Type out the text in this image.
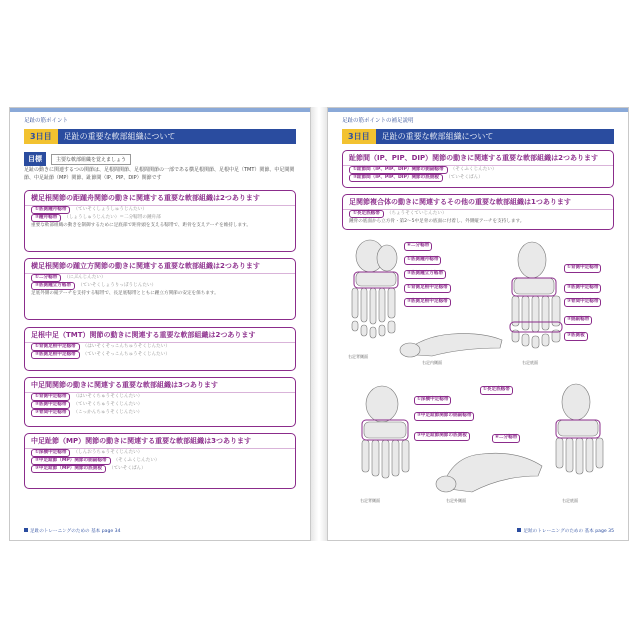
足趾の筋ポイント
3日目	足趾の重要な軟部組織について
目標	主要な軟部組織を覚えましょう
足趾の動きに関連するつの関節は、足根間関節、足根間関節の一部である横足根関節、足根中足（TMT）関節、中足間関節、中足趾節（MP）関節、趾節間（IP、PIP、DIP）関節です
横足根関節の距踵舟関節の動きに関連する重要な軟部組織は2つあります
①底側踵舟靱帯 （ていそくしょうしゅうじんたい）
②踵舟靱帯 （しょうしゅうじんたい）＝二分靱帯の踵舟部
重要な軟部組織の動きを制御するために足底部で距骨頭を支える靱帯で、距骨を支えアーチを維持します。
横足根関節の踵立方関節の動きに関連する重要な軟部組織は2つあります
①二分靱帯 （にぶんじんたい）
②底側踵立方靱帯 （ていそくしょうりっぽうじんたい）
足底外側の縦アーチを支持する靱帯で、長足底靱帯とともに踵立方関節の安定を保ちます。
足根中足（TMT）関節の動きに関連する重要な軟部組織は2つあります
①背側足根中足靱帯 （はいそくそっこんちゅうそくじんたい）
②底側足根中足靱帯 （ていそくそっこんちゅうそくじんたい）
中足間関節の動きに関連する重要な軟部組織は3つあります
①背側中足靱帯 （はいそくちゅうそくじんたい）
②底側中足靱帯 （ていそくちゅうそくじんたい）
③骨間中足靱帯 （こっかんちゅうそくじんたい）
中足趾節（MP）関節の動きに関連する重要な軟部組織は3つあります
①深横中足靱帯 （しんおうちゅうそくじんたい）
②中足趾節（MP）関節の側副靱帯 （そくふくじんたい）
③中足趾節（MP）関節の底側板 （ていそくばん）
足趾のトレーニングのための 基本 page 34
足趾の筋ポイントの補足説明
3日目	足趾の重要な軟部組織について
趾節間（IP、PIP、DIP）関節の動きに関連する重要な軟部組織は2つあります
①趾節間（IP、PIP、DIP）関節の側副靱帯 （そくふくじんたい）
②趾節間（IP、PIP、DIP）関節の底側板 （ていそくばん）
足関節複合体の動きに関連するその他の重要な軟部組織は1つあります
①長足底靱帯 （ちょうそくていじんたい）
踵骨の底面から立方骨・第2〜5中足骨の底面に付着し、外側縦アーチを支持します。
⑥二分靱帯
①底側踵舟靱帯
②底側踵立方靱帯
①背側足根中足靱帯
②底側足根中足靱帯
①背側中足靱帯
②底側中足靱帯
③骨間中足靱帯
②側副靱帯
③底側板
①深横中足靱帯
②中足趾節関節の側副靱帯
③中足趾節関節の底側板
①長足底靱帯
⑥二分靱帯
右足背側面
右足内側面	右足底面
右足背側面	右足外側面	右足底面
足趾のトレーニングのための 基本 page 35
